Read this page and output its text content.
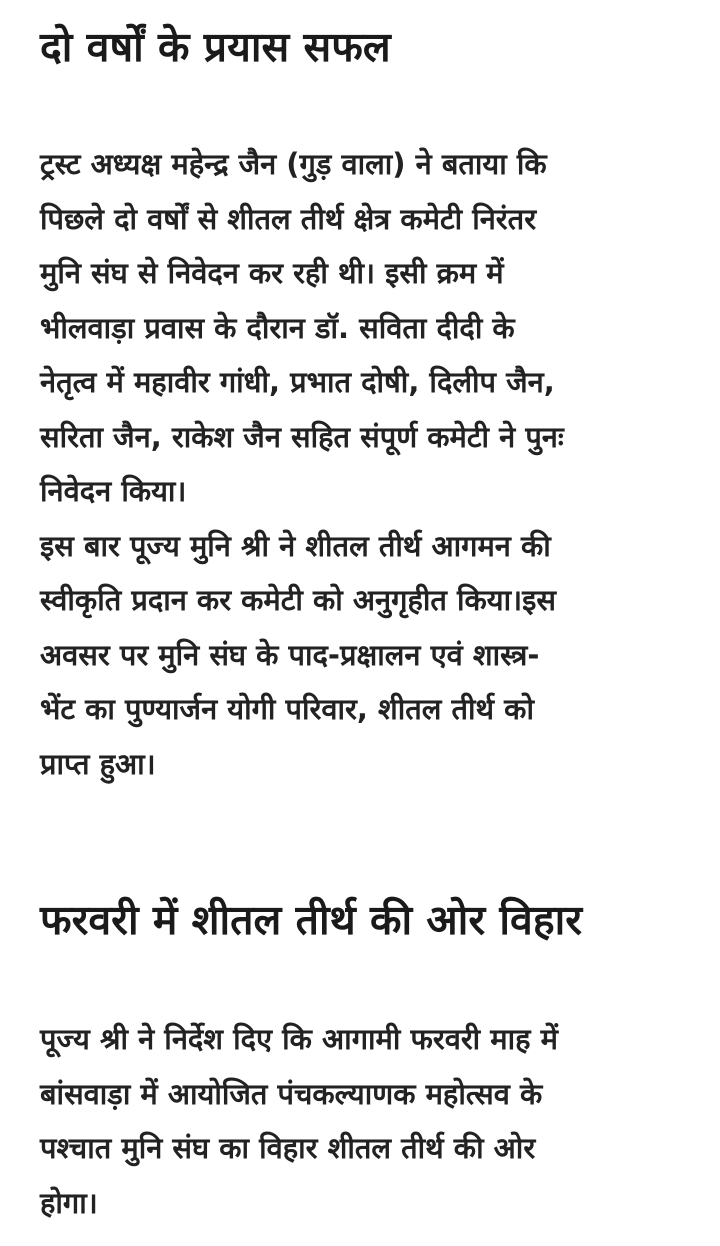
दो वर्षों के प्रयास सफल

ट्रस्ट अध्यक्ष महेन्द्र जैन (गुड़ वाला) ने बताया कि
पिछले दो वर्षों से शीतल तीर्थ क्षेत्र कमेटी निरंतर
मुनि संघ से निवेदन कर रही थी। इसी क्रम में
भीलवाड़ा प्रवास के दौरान डॉ. सविता दीदी के
नेतृत्व में महावीर गांधी, प्रभात दोषी, दिलीप जैन,
सरिता जैन, राकेश जैन सहित संपूर्ण कमेटी ने पुनः
निवेदन किया।

इस बार पूज्य मुनि श्री ने शीतल तीर्थ आगमन की
स्वीकृति प्रदान कर कमेटी को अनुगृहीत किया।इस
अवसर पर मुनि संघ के पाद-प्रक्षालन एवं शास्त्र-
भेंट का पुण्यार्जन योगी परिवार, शीतल तीर्थ को
प्राप्त हुआ।

फरवरी में शीतल तीर्थ की ओर विहार

पूज्य श्री ने निर्देश दिए कि आगामी फरवरी माह में
बांसवाड़ा में आयोजित पंचकल्याणक महोत्सव के
पश्चात मुनि संघ का विहार शीतल तीर्थ की ओर
होगा।
